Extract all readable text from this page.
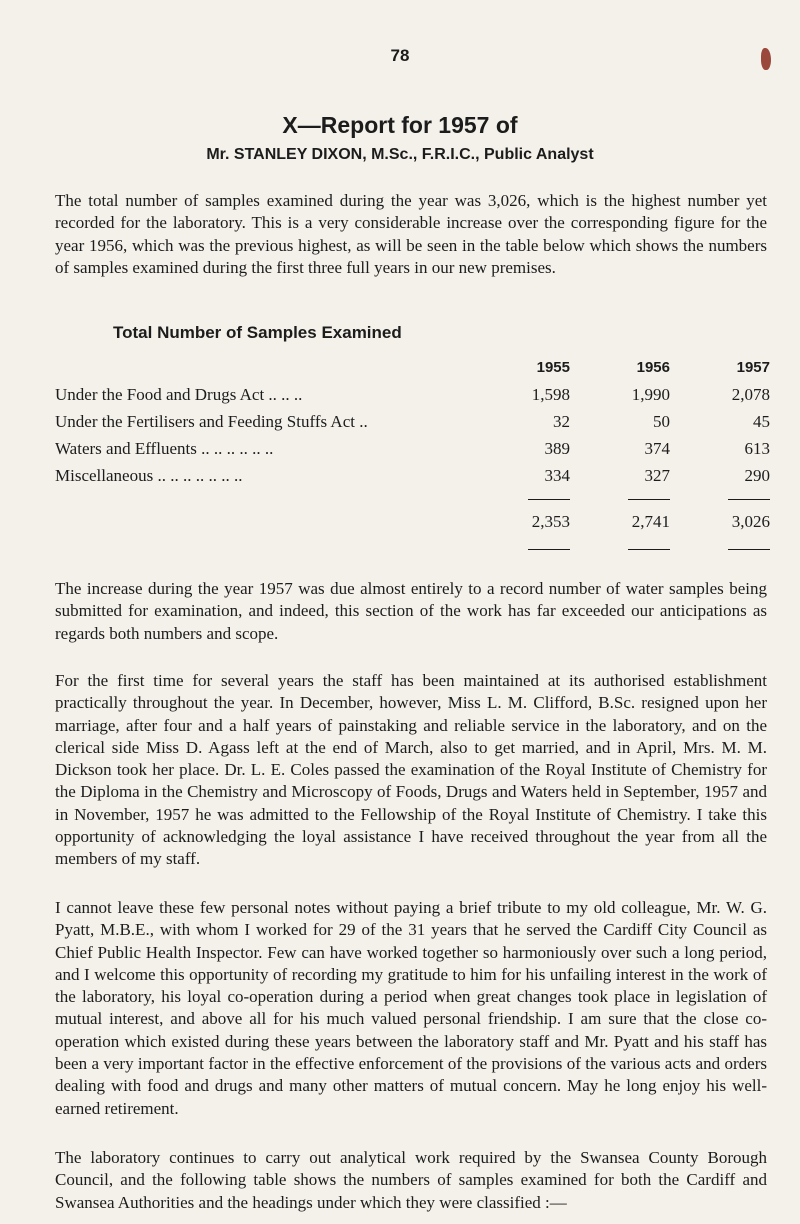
78
X—Report for 1957 of
Mr. STANLEY DIXON, M.Sc., F.R.I.C., Public Analyst

The total number of samples examined during the year was 3,026, which is the highest number yet recorded for the laboratory. This is a very considerable increase over the corresponding figure for the year 1956, which was the previous highest, as will be seen in the table below which shows the numbers of samples examined during the first three full years in our new premises.

Total Number of Samples Examined
	1955	1956	1957
Under the Food and Drugs Act .. .. ..	1,598	1,990	2,078
Under the Fertilisers and Feeding Stuffs Act ..	32	50	45
Waters and Effluents .. .. .. .. .. ..	389	374	613
Miscellaneous .. .. .. .. .. .. ..	334	327	290

	2,353	2,741	3,026

The increase during the year 1957 was due almost entirely to a record number of water samples being submitted for examination, and indeed, this section of the work has far exceeded our anticipations as regards both numbers and scope.

For the first time for several years the staff has been maintained at its authorised establishment practically throughout the year. In December, however, Miss L. M. Clifford, B.Sc. resigned upon her marriage, after four and a half years of painstaking and reliable service in the laboratory, and on the clerical side Miss D. Agass left at the end of March, also to get married, and in April, Mrs. M. M. Dickson took her place. Dr. L. E. Coles passed the examination of the Royal Institute of Chemistry for the Diploma in the Chemistry and Microscopy of Foods, Drugs and Waters held in September, 1957 and in November, 1957 he was admitted to the Fellowship of the Royal Institute of Chemistry. I take this opportunity of acknowledging the loyal assistance I have received throughout the year from all the members of my staff.

I cannot leave these few personal notes without paying a brief tribute to my old colleague, Mr. W. G. Pyatt, M.B.E., with whom I worked for 29 of the 31 years that he served the Cardiff City Council as Chief Public Health Inspector. Few can have worked together so harmoniously over such a long period, and I welcome this opportunity of recording my gratitude to him for his unfailing interest in the work of the laboratory, his loyal co-operation during a period when great changes took place in legislation of mutual interest, and above all for his much valued personal friendship. I am sure that the close co-operation which existed during these years between the laboratory staff and Mr. Pyatt and his staff has been a very important factor in the effective enforcement of the provisions of the various acts and orders dealing with food and drugs and many other matters of mutual concern. May he long enjoy his well-earned retirement.

The laboratory continues to carry out analytical work required by the Swansea County Borough Council, and the following table shows the numbers of samples examined for both the Cardiff and Swansea Authorities and the headings under which they were classified :—
